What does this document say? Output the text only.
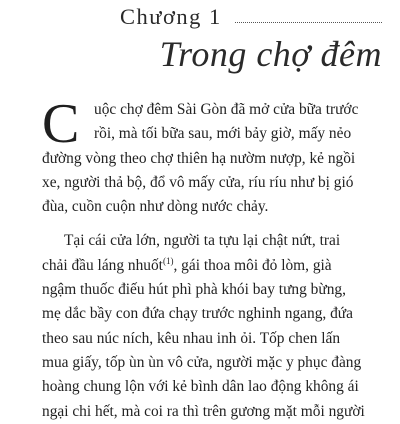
Chương 1
Trong chợ đêm
C uộc chợ đêm Sài Gòn đã mở cửa bữa trước
rồi, mà tối bữa sau, mới bảy giờ, mấy nẻo
đường vòng theo chợ thiên hạ nườm nượp, kẻ ngồi
xe, người thả bộ, đổ vô mấy cửa, ríu ríu như bị gió
đùa, cuồn cuộn như dòng nước chảy.
Tại cái cửa lớn, người ta tựu lại chật nứt, trai
chải đầu láng nhuốt$^{(1)}$, gái thoa môi đỏ lòm, già
ngậm thuốc điếu hút phì phà khói bay tưng bừng,
mẹ dắc bầy con đứa chạy trước nghinh ngang, đứa
theo sau núc ních, kêu nhau inh ỏi. Tốp chen lấn
mua giấy, tốp ùn ùn vô cửa, người mặc y phục đàng
hoàng chung lộn với kẻ bình dân lao động không ái
ngại chi hết, mà coi ra thì trên gương mặt mỗi người
